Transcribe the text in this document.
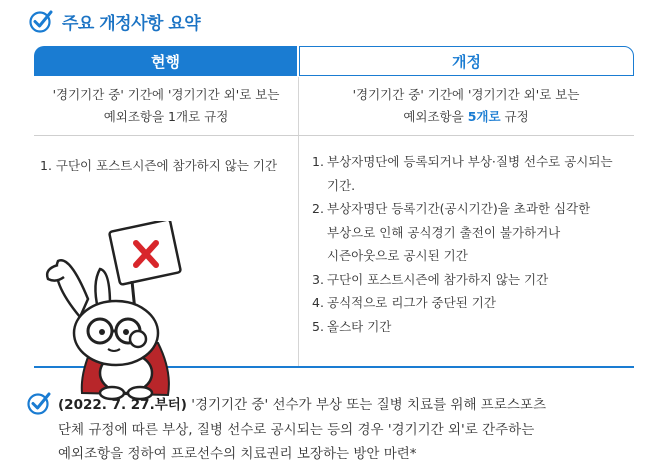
주요 개정사항 요약
현행	개정
'경기기간 중' 기간에 '경기기간 외'로 보는
예외조항을 1개로 규정
'경기기간 중' 기간에 '경기기간 외'로 보는
예외조항을 5개로 규정
1. 구단이 포스트시즌에 참가하지 않는 기간	1. 부상자명단에 등록되거나 부상·질병 선수로 공시되는
기간.
2. 부상자명단 등록기간(공시기간)을 초과한 심각한
부상으로 인해 공식경기 출전이 불가하거나
시즌아웃으로 공시된 기간
3. 구단이 포스트시즌에 참가하지 않는 기간
4. 공식적으로 리그가 중단된 기간
5. 올스타 기간
(2022. 7. 27.부터) '경기기간 중' 선수가 부상 또는 질병 치료를 위해 프로스포츠
단체 규정에 따른 부상, 질병 선수로 공시되는 등의 경우 '경기기간 외'로 간주하는
예외조항을 정하여 프로선수의 치료권리 보장하는 방안 마련*
